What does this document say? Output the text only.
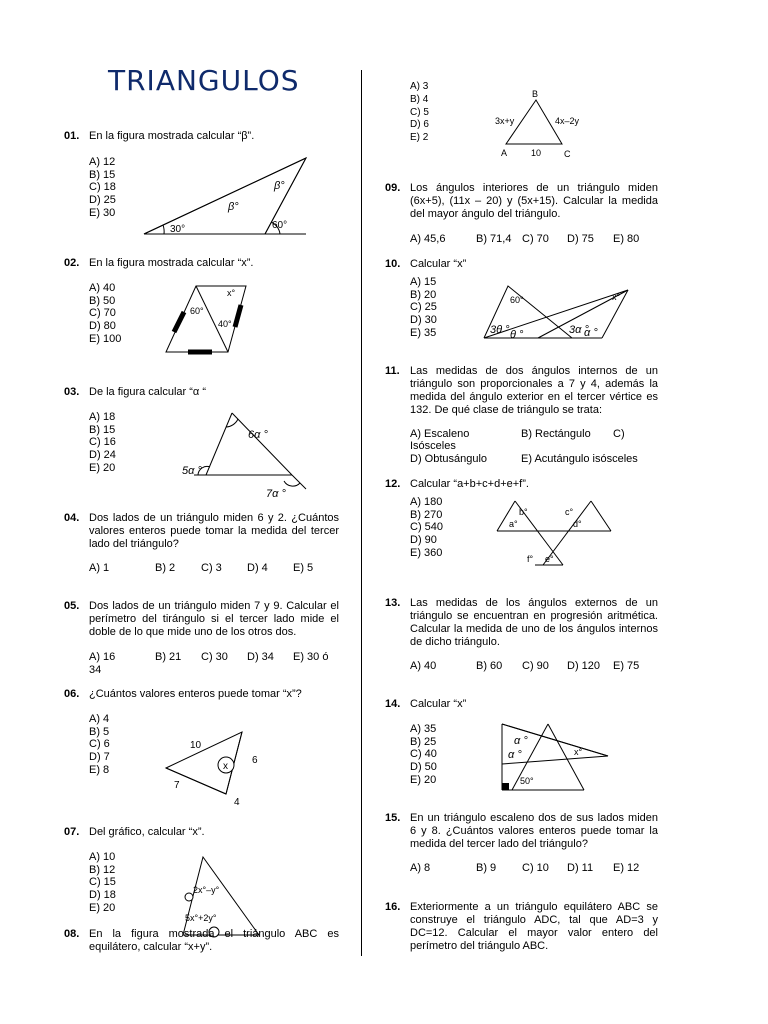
TRIANGULOS
01. En la figura mostrada calcular “β”.
A) 12
B) 15
C) 18
D) 25
E) 30
30°
β°
β°
60°
02. En la figura mostrada calcular “x”.
A) 40
B) 50
C) 70
D) 80
E) 100
x°
60°
40°
03. De la figura calcular “α “
A) 18
B) 15
C) 16
D) 24
E) 20
6α °
5α °
7α °
04. Dos lados de un triángulo miden 6 y 2. ¿Cuántos valores enteros puede tomar la medida del tercer lado del triángulo?
A) 1	B) 2 C) 3 D) 4 E) 5
05. Dos lados de un triángulo miden 7 y 9. Calcular el perímetro del tirángulo si el tercer lado mide el doble de lo que mide uno de los otros dos.
A) 16	B) 21 C) 30 D) 34 E) 30 ó
34
06. ¿Cuántos valores enteros puede tomar “x”?
A) 4
B) 5
C) 6
D) 7
E) 8
10
6
7
4
x
07. Del gráfico, calcular “x”.
A) 10
B) 12
C) 15
D) 18
E) 20
2x°–y°
5x°+2y°
08. En la figura mostrada el triángulo ABC es equilátero, calcular “x+y”.
A) 3
B) 4
C) 5
D) 6
E) 2
B
3x+y	4x–2y
A	10	C
09. Los ángulos interiores de un triángulo miden (6x+5), (11x – 20) y (5x+15). Calcular la medida del mayor ángulo del triángulo.
A) 45,6	B) 71,4 C) 70 D) 75 E) 80
10. Calcular “x”
A) 15
B) 20
C) 25
D) 30
E) 35
60°	x°
3θ ° θ °	3α °
α °
11. Las medidas de dos ángulos internos de un triángulo son proporcionales a 7 y 4, además la medida del ángulo exterior en el tercer vértice es 132. De qué clase de triángulo se trata:
A) Escaleno	B) Rectángulo C)
Isósceles
D) Obtusángulo	E) Acutángulo isósceles
12. Calcular “a+b+c+d+e+f”.
A) 180
B) 270
C) 540
D) 90
E) 360
b°	c°
a°	d°
f° e°
13. Las medidas de los ángulos externos de un triángulo se encuentran en progresión aritmética. Calcular la medida de uno de los ángulos internos de dicho triángulo.
A) 40	B) 60 C) 90 D) 120 E) 75
14. Calcular “x”
A) 35
B) 25
C) 40
D) 50
E) 20
α °
α °	x°
50°
15. En un triángulo escaleno dos de sus lados miden 6 y 8. ¿Cuántos valores enteros puede tomar la medida del tercer lado del triángulo?
A) 8	B) 9 C) 10 D) 11 E) 12
16. Exteriormente a un triángulo equilátero ABC se construye el triángulo ADC, tal que AD=3 y DC=12. Calcular el mayor valor entero del perímetro del triángulo ABC.
